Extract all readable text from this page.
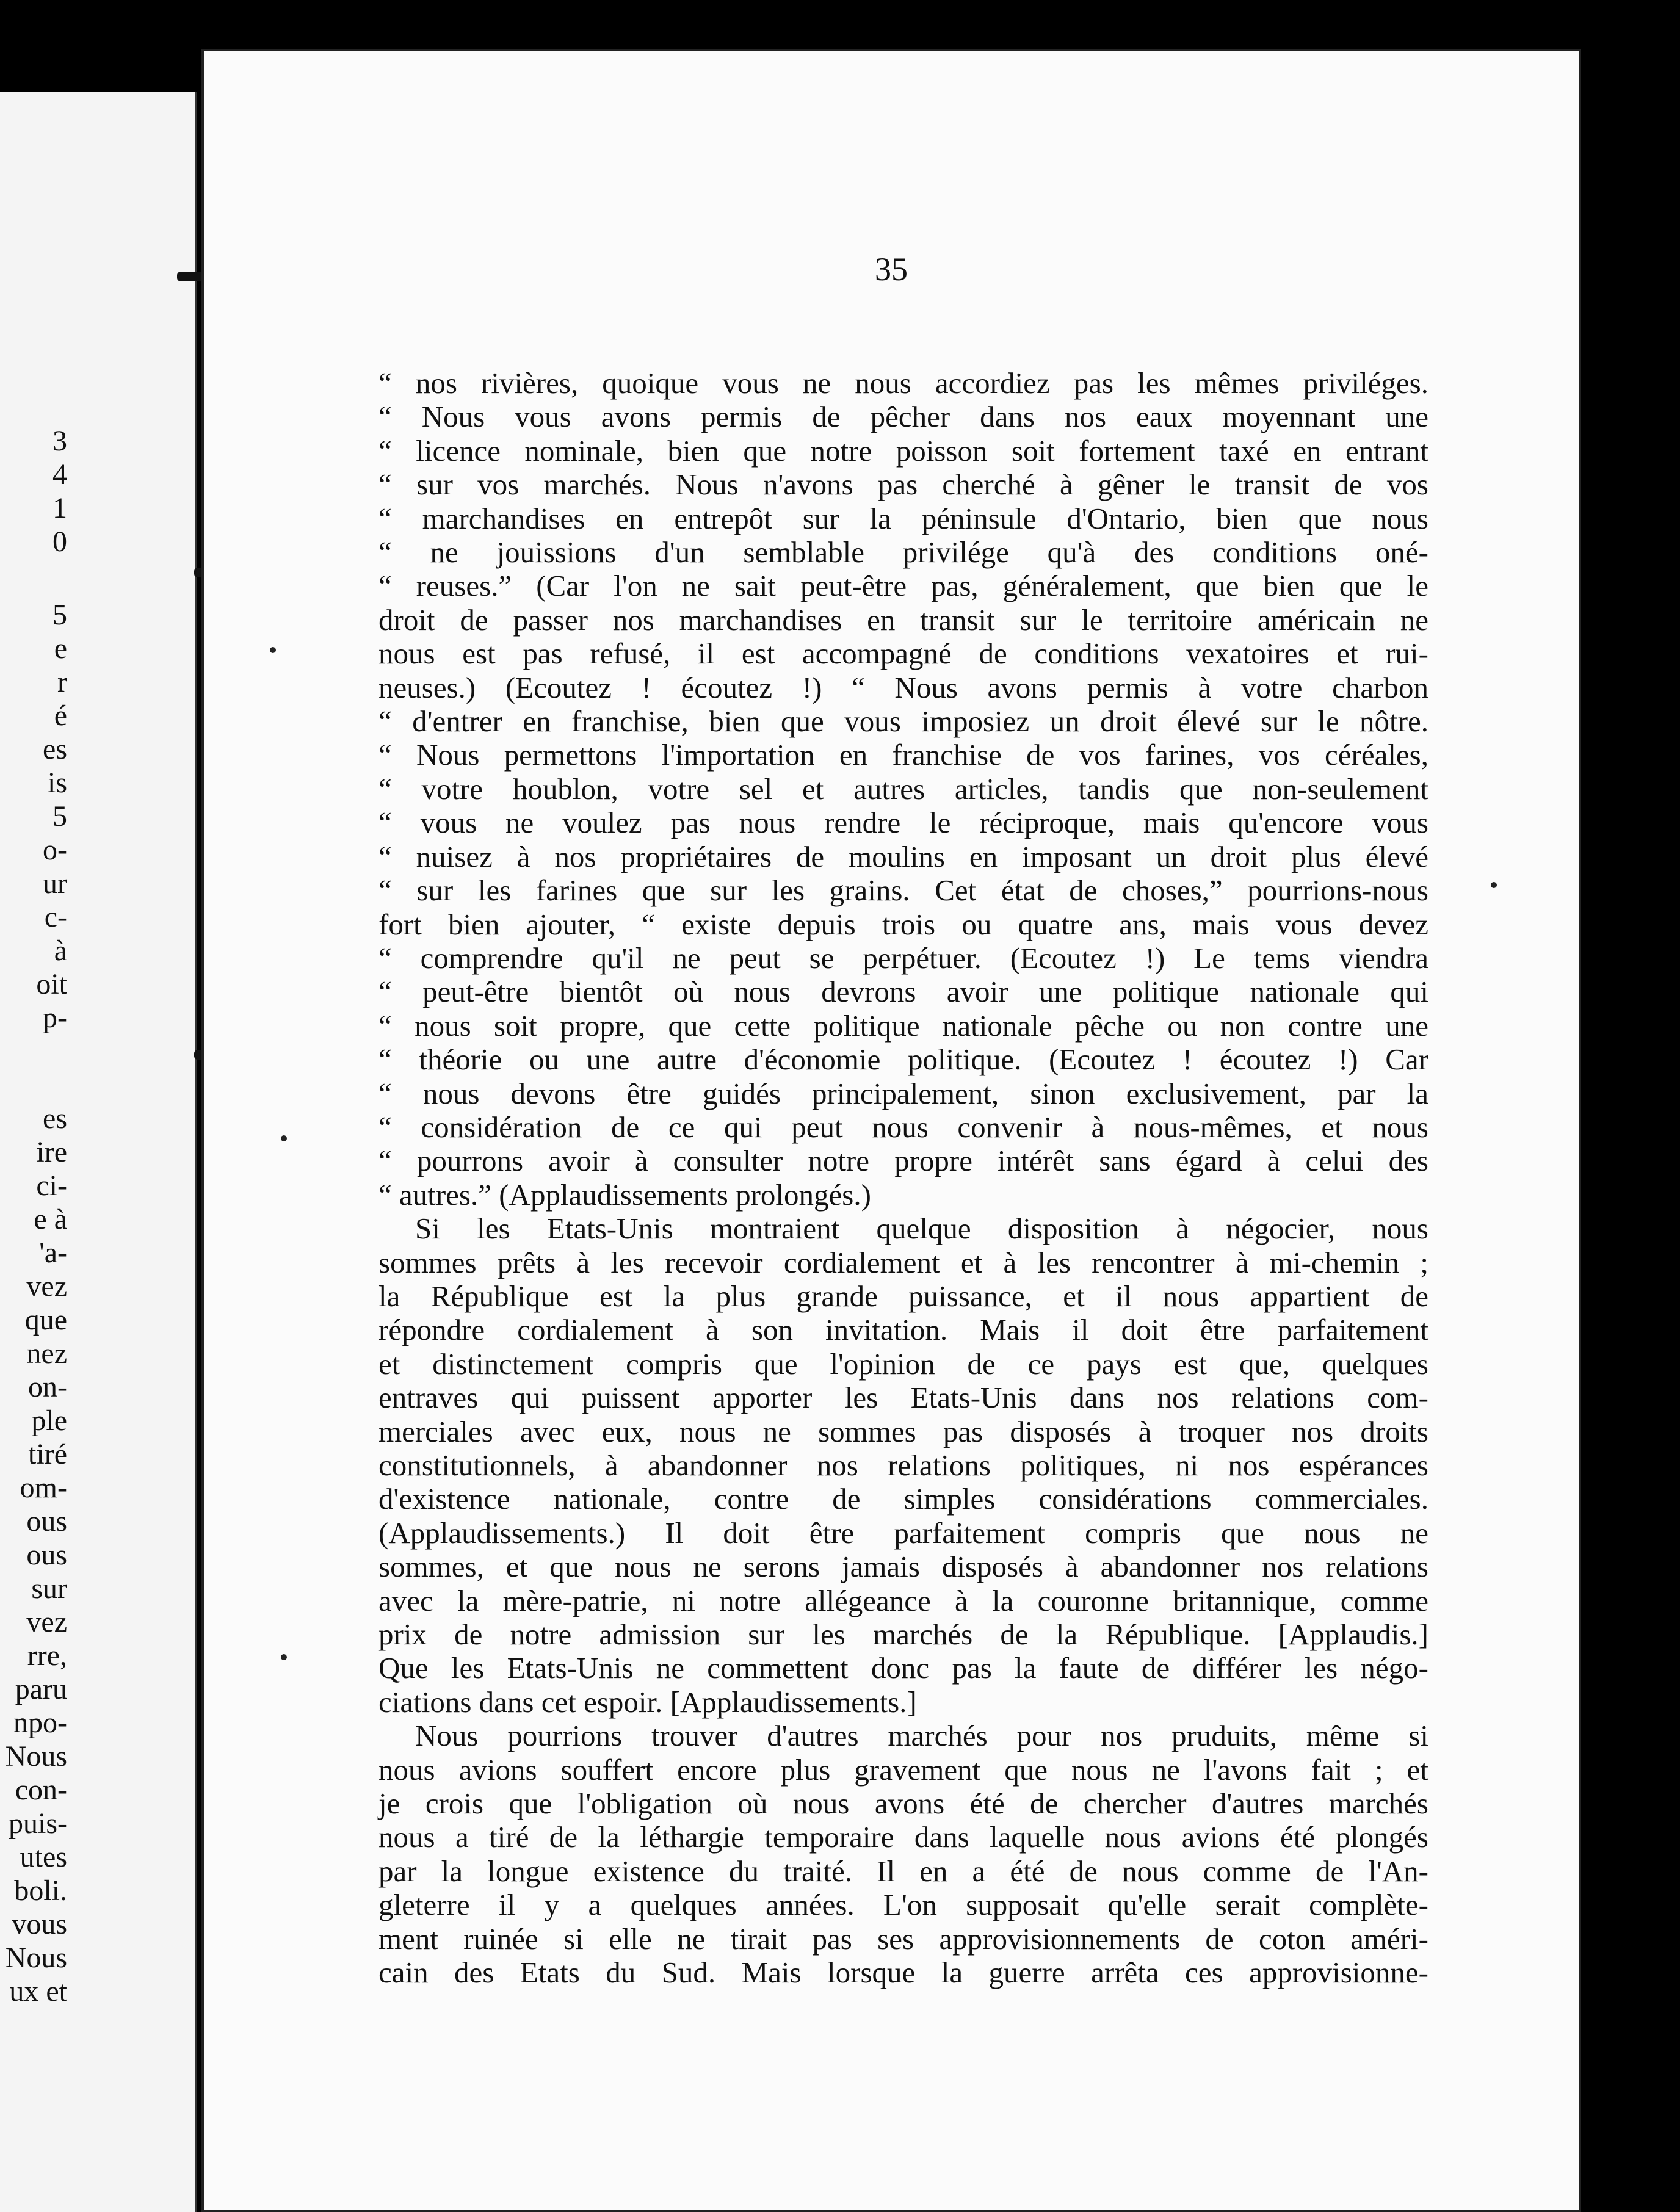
3
4
1
0
5
e
r
é
es
is
5
o-
ur
c-
à
oit
p-
es
ire
ci-
e à
'a-
vez
que
nez
on-
ple
tiré
om-
ous
ous
sur
vez
rre,
paru
npo-
Nous
con-
puis-
utes
boli.
vous
Nous
ux et
35
“ nos rivières, quoique vous ne nous accordiez pas les mêmes priviléges.
“ Nous vous avons permis de pêcher dans nos eaux moyennant une
“ licence nominale, bien que notre poisson soit fortement taxé en entrant
“ sur vos marchés. Nous n'avons pas cherché à gêner le transit de vos
“ marchandises en entrepôt sur la péninsule d'Ontario, bien que nous
“ ne jouissions d'un semblable privilége qu'à des conditions oné-
“ reuses.” (Car l'on ne sait peut-être pas, généralement, que bien que le
droit de passer nos marchandises en transit sur le territoire américain ne
nous est pas refusé, il est accompagné de conditions vexatoires et rui-
neuses.) (Ecoutez ! écoutez !) “ Nous avons permis à votre charbon
“ d'entrer en franchise, bien que vous imposiez un droit élevé sur le nôtre.
“ Nous permettons l'importation en franchise de vos farines, vos céréales,
“ votre houblon, votre sel et autres articles, tandis que non-seulement
“ vous ne voulez pas nous rendre le réciproque, mais qu'encore vous
“ nuisez à nos propriétaires de moulins en imposant un droit plus élevé
“ sur les farines que sur les grains. Cet état de choses,” pourrions-nous
fort bien ajouter, “ existe depuis trois ou quatre ans, mais vous devez
“ comprendre qu'il ne peut se perpétuer. (Ecoutez !) Le tems viendra
“ peut-être bientôt où nous devrons avoir une politique nationale qui
“ nous soit propre, que cette politique nationale pêche ou non contre une
“ théorie ou une autre d'économie politique. (Ecoutez ! écoutez !) Car
“ nous devons être guidés principalement, sinon exclusivement, par la
“ considération de ce qui peut nous convenir à nous-mêmes, et nous
“ pourrons avoir à consulter notre propre intérêt sans égard à celui des
“ autres.” (Applaudissements prolongés.)
Si les Etats-Unis montraient quelque disposition à négocier, nous
sommes prêts à les recevoir cordialement et à les rencontrer à mi-chemin ;
la République est la plus grande puissance, et il nous appartient de
répondre cordialement à son invitation. Mais il doit être parfaitement
et distinctement compris que l'opinion de ce pays est que, quelques
entraves qui puissent apporter les Etats-Unis dans nos relations com-
merciales avec eux, nous ne sommes pas disposés à troquer nos droits
constitutionnels, à abandonner nos relations politiques, ni nos espérances
d'existence nationale, contre de simples considérations commerciales.
(Applaudissements.) Il doit être parfaitement compris que nous ne
sommes, et que nous ne serons jamais disposés à abandonner nos relations
avec la mère-patrie, ni notre allégeance à la couronne britannique, comme
prix de notre admission sur les marchés de la République. [Applaudis.]
Que les Etats-Unis ne commettent donc pas la faute de différer les négo-
ciations dans cet espoir. [Applaudissements.]
Nous pourrions trouver d'autres marchés pour nos pruduits, même si
nous avions souffert encore plus gravement que nous ne l'avons fait ; et
je crois que l'obligation où nous avons été de chercher d'autres marchés
nous a tiré de la léthargie temporaire dans laquelle nous avions été plongés
par la longue existence du traité. Il en a été de nous comme de l'An-
gleterre il y a quelques années. L'on supposait qu'elle serait complète-
ment ruinée si elle ne tirait pas ses approvisionnements de coton améri-
cain des Etats du Sud. Mais lorsque la guerre arrêta ces approvisionne-
